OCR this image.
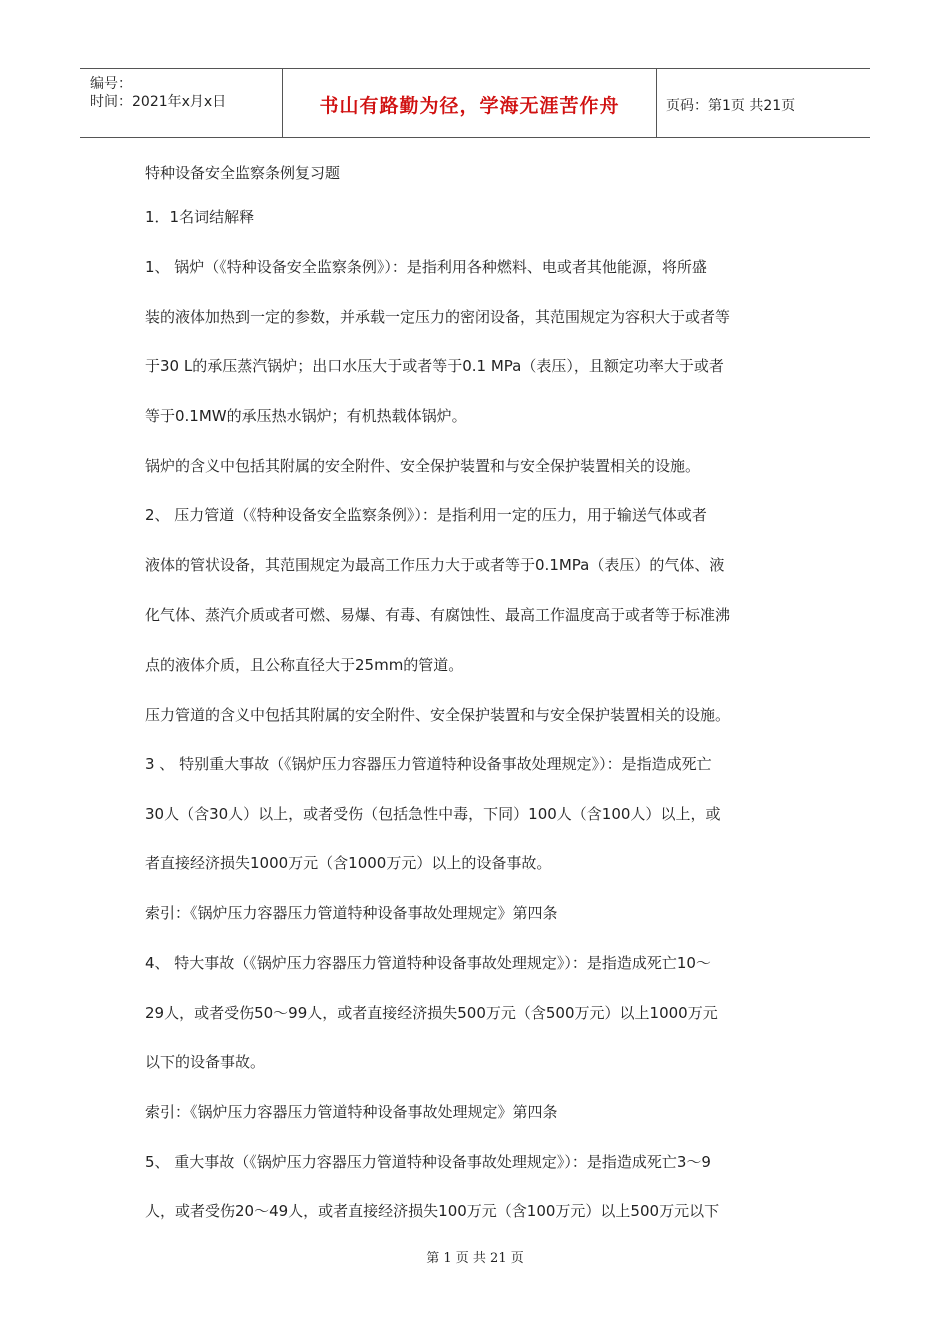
编号：
时间：2021年x月x日	书山有路勤为径，学海无涯苦作舟	页码：第1页 共21页
特种设备安全监察条例复习题
1．1名词结解释
1、 锅炉（《特种设备安全监察条例》）：是指利用各种燃料、电或者其他能源，将所盛
装的液体加热到一定的参数，并承载一定压力的密闭设备，其范围规定为容积大于或者等
于30 L的承压蒸汽锅炉；出口水压大于或者等于0.1 MPa（表压），且额定功率大于或者
等于0.1MW的承压热水锅炉；有机热载体锅炉。
锅炉的含义中包括其附属的安全附件、安全保护装置和与安全保护装置相关的设施。
2、 压力管道（《特种设备安全监察条例》）：是指利用一定的压力，用于输送气体或者
液体的管状设备，其范围规定为最高工作压力大于或者等于0.1MPa（表压）的气体、液
化气体、蒸汽介质或者可燃、易爆、有毒、有腐蚀性、最高工作温度高于或者等于标准沸
点的液体介质，且公称直径大于25mm的管道。
压力管道的含义中包括其附属的安全附件、安全保护装置和与安全保护装置相关的设施。
3 、 特别重大事故（《锅炉压力容器压力管道特种设备事故处理规定》）：是指造成死亡
30人（含30人）以上，或者受伤（包括急性中毒，下同）100人（含100人）以上，或
者直接经济损失1000万元（含1000万元）以上的设备事故。
索引：《锅炉压力容器压力管道特种设备事故处理规定》第四条
4、 特大事故（《锅炉压力容器压力管道特种设备事故处理规定》）：是指造成死亡10～
29人，或者受伤50～99人，或者直接经济损失500万元（含500万元）以上1000万元
以下的设备事故。
索引：《锅炉压力容器压力管道特种设备事故处理规定》第四条
5、 重大事故（《锅炉压力容器压力管道特种设备事故处理规定》）：是指造成死亡3～9
人，或者受伤20～49人，或者直接经济损失100万元（含100万元）以上500万元以下
第 1 页 共 21 页
